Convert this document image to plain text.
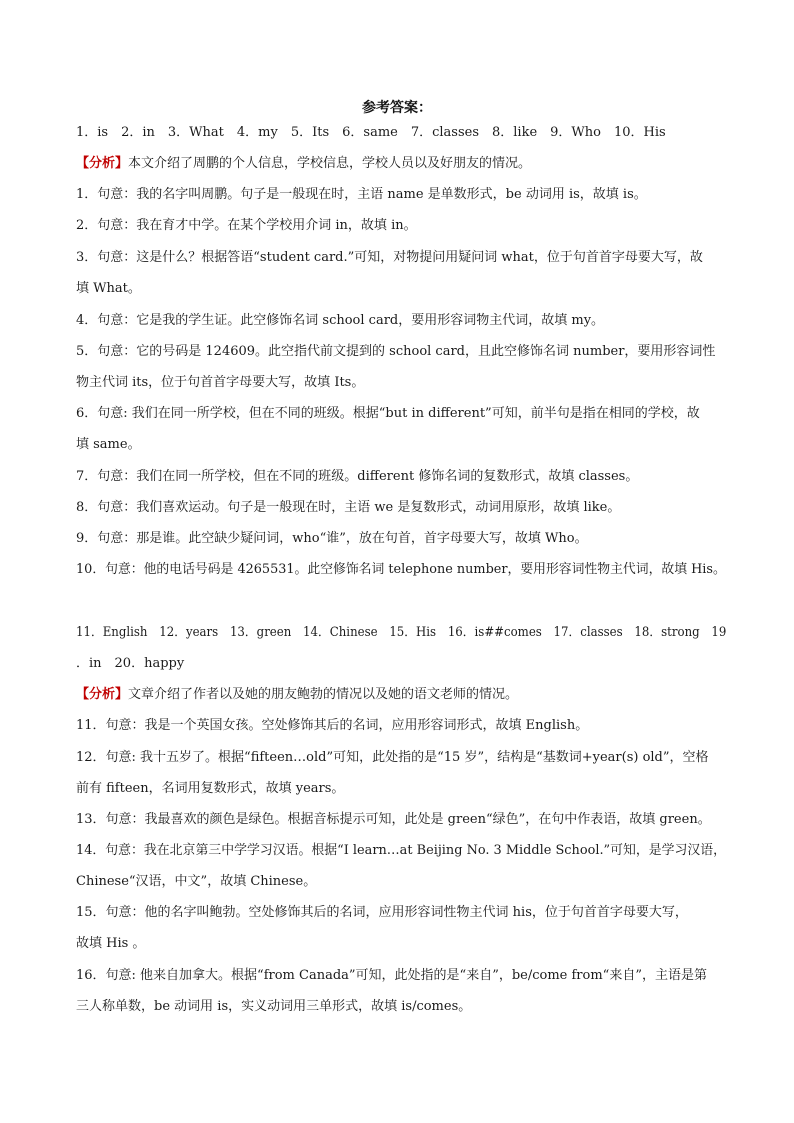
参考答案：
1．is　2．in　3．What　4．my　5．Its　6．same　7．classes　8．like　9．Who　10．His
【分析】本文介绍了周鹏的个人信息，学校信息，学校人员以及好朋友的情况。
1．句意：我的名字叫周鹏。句子是一般现在时，主语 name 是单数形式，be 动词用 is，故填 is。
2．句意：我在育才中学。在某个学校用介词 in，故填 in。
3．句意：这是什么？根据答语“student card.”可知，对物提问用疑问词 what，位于句首首字母要大写，故
填 What。
4．句意：它是我的学生证。此空修饰名词 school card，要用形容词物主代词，故填 my。
5．句意：它的号码是 124609。此空指代前文提到的 school card，且此空修饰名词 number，要用形容词性
物主代词 its，位于句首首字母要大写，故填 Its。
6．句意: 我们在同一所学校，但在不同的班级。根据“but in different”可知，前半句是指在相同的学校，故
填 same。
7．句意：我们在同一所学校，但在不同的班级。different 修饰名词的复数形式，故填 classes。
8．句意：我们喜欢运动。句子是一般现在时，主语 we 是复数形式，动词用原形，故填 like。
9．句意：那是谁。此空缺少疑问词，who“谁”，放在句首，首字母要大写，故填 Who。
10．句意：他的电话号码是 4265531。此空修饰名词 telephone number，要用形容词性物主代词，故填 His。
11．English　12．years　13．green　14．Chinese　15．His　16．is##comes　17．classes　18．strong　19
．in　20．happy
【分析】文章介绍了作者以及她的朋友鲍勃的情况以及她的语文老师的情况。
11．句意：我是一个英国女孩。空处修饰其后的名词，应用形容词形式，故填 English。
12．句意: 我十五岁了。根据“fifteen…old”可知，此处指的是“15 岁”，结构是“基数词+year(s) old”，空格
前有 fifteen，名词用复数形式，故填 years。
13．句意：我最喜欢的颜色是绿色。根据音标提示可知，此处是 green“绿色”，在句中作表语，故填 green。
14．句意：我在北京第三中学学习汉语。根据“I learn…at Beijing No. 3 Middle School.”可知，是学习汉语，
Chinese“汉语，中文”，故填 Chinese。
15．句意：他的名字叫鲍勃。空处修饰其后的名词，应用形容词性物主代词 his，位于句首首字母要大写，
故填 His 。
16．句意: 他来自加拿大。根据“from Canada”可知，此处指的是“来自”，be/come from“来自”，主语是第
三人称单数，be 动词用 is，实义动词用三单形式，故填 is/comes。
